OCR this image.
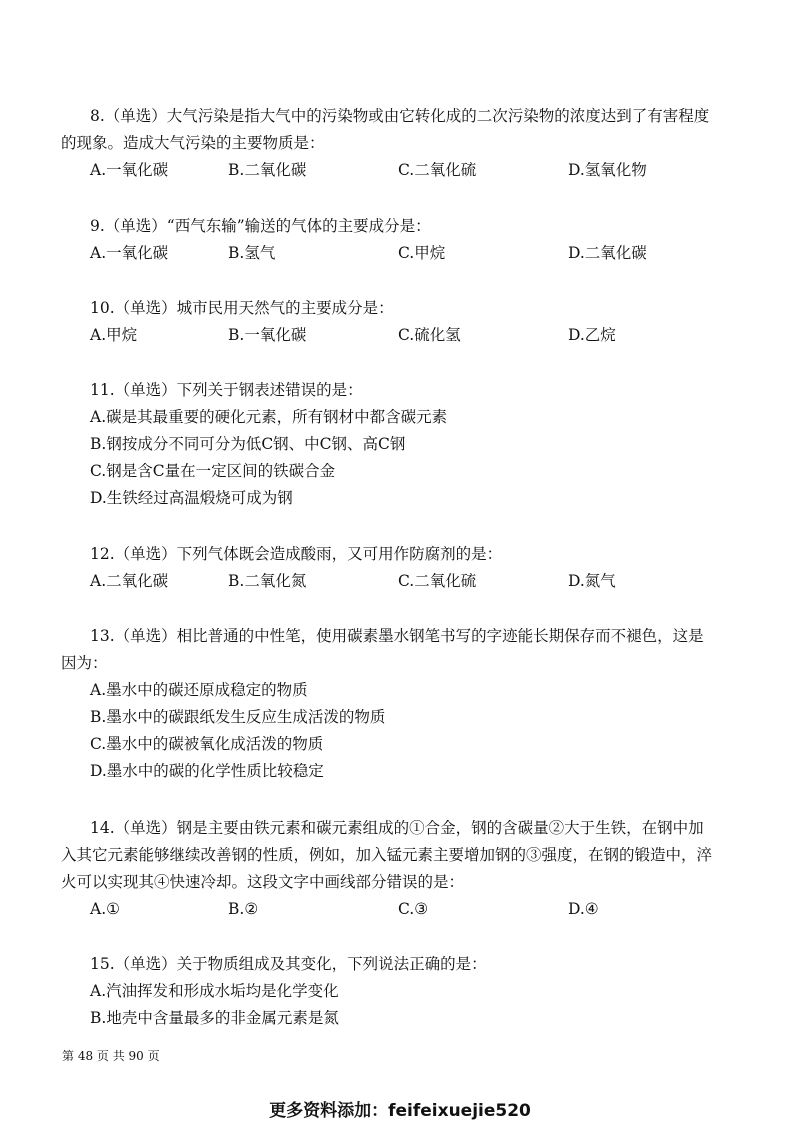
8.（单选）大气污染是指大气中的污染物或由它转化成的二次污染物的浓度达到了有害程度
的现象。造成大气污染的主要物质是：
A.一氧化碳	B.二氧化碳	C.二氧化硫	D.氢氧化物
9.（单选）“西气东输”输送的气体的主要成分是：
A.一氧化碳	B.氢气	C.甲烷	D.二氧化碳
10.（单选）城市民用天然气的主要成分是：
A.甲烷	B.一氧化碳	C.硫化氢	D.乙烷
11.（单选）下列关于钢表述错误的是：
A.碳是其最重要的硬化元素，所有钢材中都含碳元素
B.钢按成分不同可分为低C钢、中C钢、高C钢
C.钢是含C量在一定区间的铁碳合金
D.生铁经过高温煅烧可成为钢
12.（单选）下列气体既会造成酸雨，又可用作防腐剂的是：
A.二氧化碳	B.二氧化氮	C.二氧化硫	D.氮气
13.（单选）相比普通的中性笔，使用碳素墨水钢笔书写的字迹能长期保存而不褪色，这是
因为：
A.墨水中的碳还原成稳定的物质
B.墨水中的碳跟纸发生反应生成活泼的物质
C.墨水中的碳被氧化成活泼的物质
D.墨水中的碳的化学性质比较稳定
14.（单选）钢是主要由铁元素和碳元素组成的①合金，钢的含碳量②大于生铁，在钢中加
入其它元素能够继续改善钢的性质，例如，加入锰元素主要增加钢的③强度，在钢的锻造中，淬
火可以实现其④快速冷却。这段文字中画线部分错误的是：
A.①	B.②	C.③	D.④
15.（单选）关于物质组成及其变化，下列说法正确的是：
A.汽油挥发和形成水垢均是化学变化
B.地壳中含量最多的非金属元素是氮
第 48 页 共 90 页
更多资料添加：feifeixuejie520
